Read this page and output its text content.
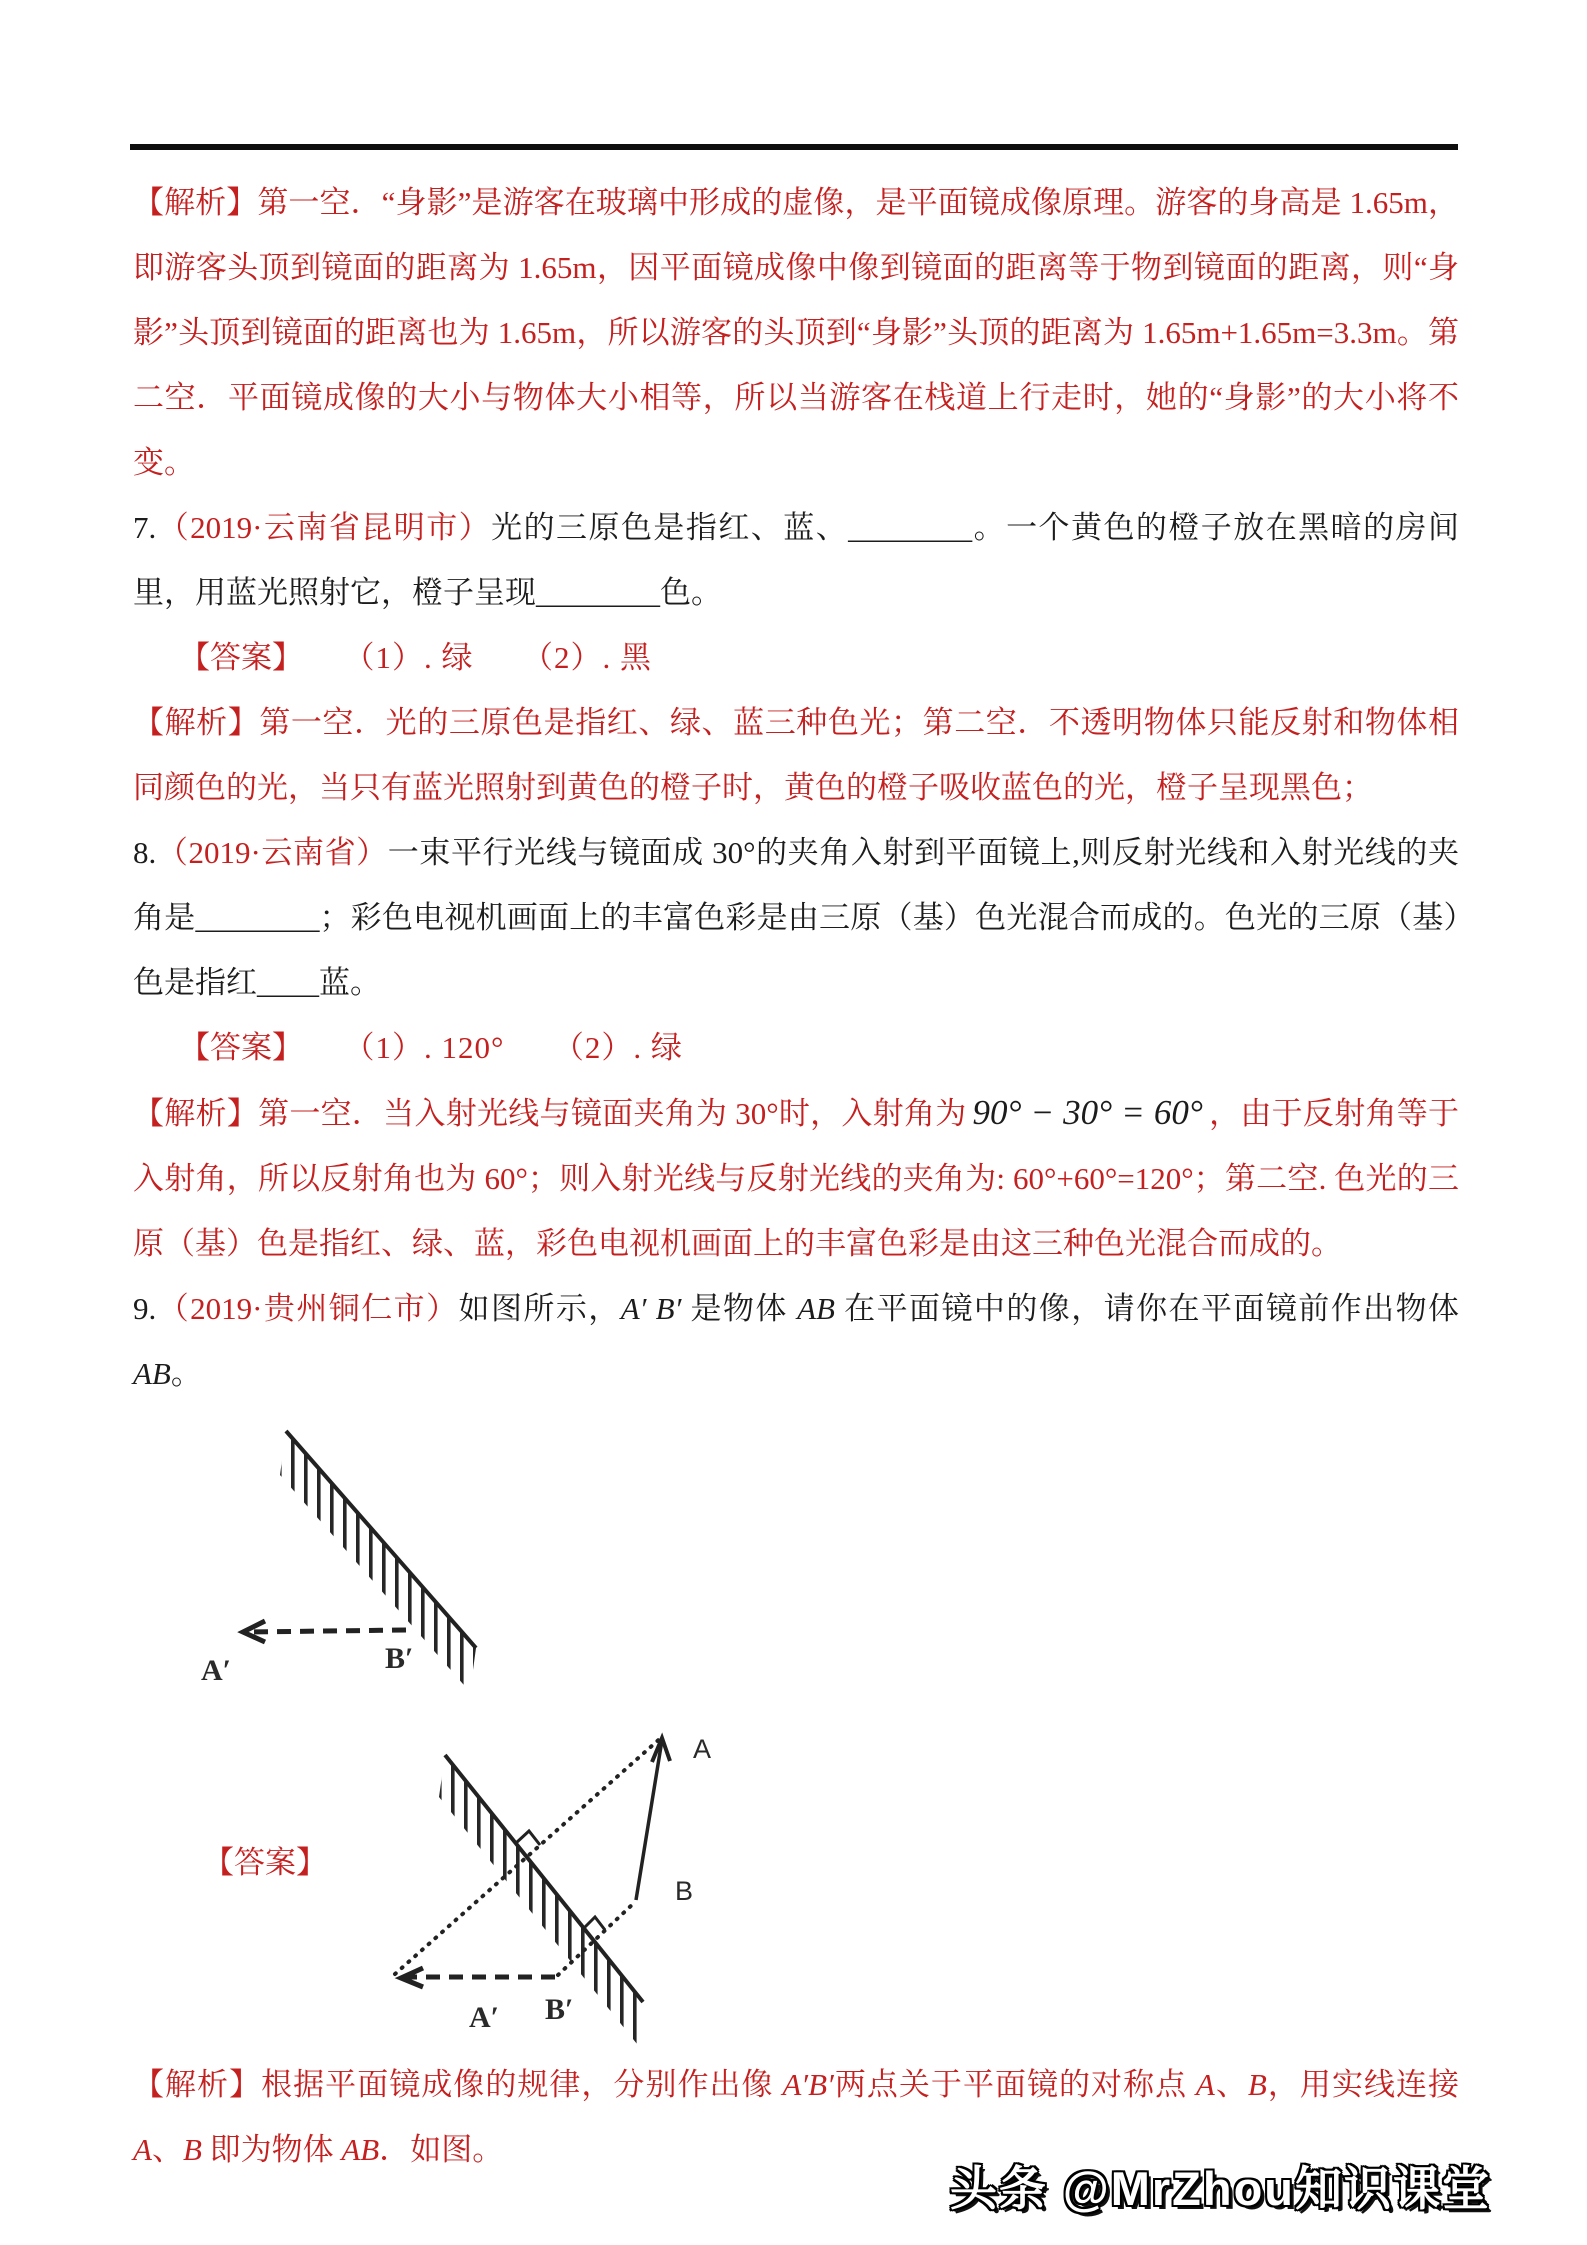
【解析】第一空．“身影”是游客在玻璃中形成的虚像，是平面镜成像原理。游客的身高是 1.65m，即游客头顶到镜面的距离为 1.65m，因平面镜成像中像到镜面的距离等于物到镜面的距离，则“身影”头顶到镜面的距离也为 1.65m，所以游客的头顶到“身影”头顶的距离为 1.65m+1.65m=3.3m。第二空．平面镜成像的大小与物体大小相等，所以当游客在栈道上行走时，她的“身影”的大小将不变。

7.（2019·云南省昆明市）光的三原色是指红、蓝、________。一个黄色的橙子放在黑暗的房间里，用蓝光照射它，橙子呈现________色。

【答案】 （1）. 绿　　（2）. 黑

【解析】第一空．光的三原色是指红、绿、蓝三种色光；第二空．不透明物体只能反射和物体相同颜色的光，当只有蓝光照射到黄色的橙子时，黄色的橙子吸收蓝色的光，橙子呈现黑色；

8.（2019·云南省）一束平行光线与镜面成 30°的夹角入射到平面镜上,则反射光线和入射光线的夹角是________；彩色电视机画面上的丰富色彩是由三原（基）色光混合而成的。色光的三原（基）色是指红____蓝。

【答案】 （1）. 120°　　（2）. 绿

【解析】第一空．当入射光线与镜面夹角为 30°时，入射角为 90° − 30° = 60° ，由于反射角等于入射角，所以反射角也为 60°；则入射光线与反射光线的夹角为: 60°+60°=120°；第二空. 色光的三原（基）色是指红、绿、蓝，彩色电视机画面上的丰富色彩是由这三种色光混合而成的。

9.（2019·贵州铜仁市）如图所示，A′ B′ 是物体 AB 在平面镜中的像，请你在平面镜前作出物体 AB。

A′	B′
【答案】
A
B
A′ B′

【解析】根据平面镜成像的规律，分别作出像 A′B′两点关于平面镜的对称点 A、B，用实线连接 A、B 即为物体 AB．如图。

头条 @MrZhou知识课堂
